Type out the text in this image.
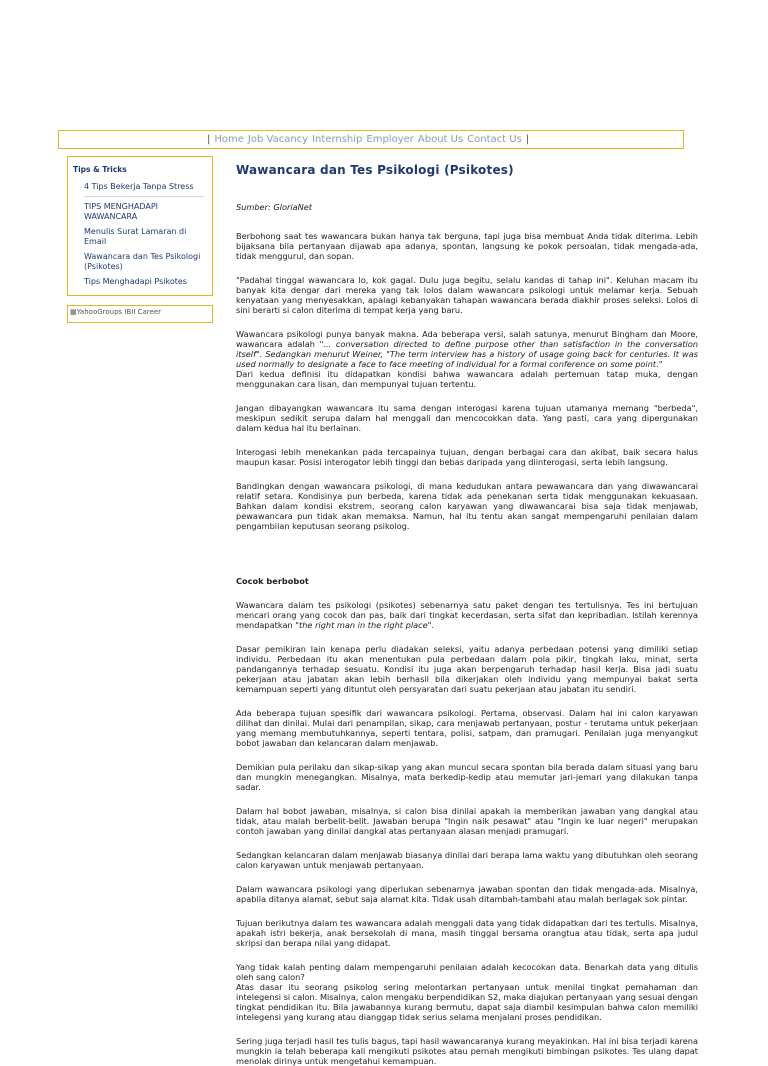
| Home Job Vacancy Internship Employer About Us Contact Us |
Tips & Tricks
4 Tips Bekerja Tanpa Stress
TIPS MENGHADAPI WAWANCARA
Menulis Surat Lamaran di Email
Wawancara dan Tes Psikologi (Psikotes)
Tips Menghadapi Psikotes
▦YahooGroups IBII Career
Wawancara dan Tes Psikologi (Psikotes)
Sumber: GloriaNet

Berbohong saat tes wawancara bukan hanya tak berguna, tapi juga bisa membuat Anda tidak diterima. Lebih bijaksana bila pertanyaan dijawab apa adanya, spontan, langsung ke pokok persoalan, tidak mengada-ada, tidak menggurui, dan sopan.

"Padahal tinggal wawancara lo, kok gagal. Dulu juga begitu, selalu kandas di tahap ini". Keluhan macam itu banyak kita dengar dari mereka yang tak lolos dalam wawancara psikologi untuk melamar kerja. Sebuah kenyataan yang menyesakkan, apalagi kebanyakan tahapan wawancara berada diakhir proses seleksi. Lolos di sini berarti si calon diterima di tempat kerja yang baru.

Wawancara psikologi punya banyak makna. Ada beberapa versi, salah satunya, menurut Bingham dan Moore, wawancara adalah "... conversation directed to define purpose other than satisfaction in the conversation itself". Sedangkan menurut Weiner, "The term interview has a history of usage going back for centuries. It was used normally to designate a face to face meeting of individual for a formal conference on some point."
Dari kedua definisi itu didapatkan kondisi bahwa wawancara adalah pertemuan tatap muka, dengan menggunakan cara lisan, dan mempunyai tujuan tertentu.

Jangan dibayangkan wawancara itu sama dengan interogasi karena tujuan utamanya memang "berbeda", meskipun sedikit serupa dalam hal menggali dan mencocokkan data. Yang pasti, cara yang dipergunakan dalam kedua hal itu berlainan.

Interogasi lebih menekankan pada tercapainya tujuan, dengan berbagai cara dan akibat, baik secara halus maupun kasar. Posisi interogator lebih tinggi dan bebas daripada yang diinterogasi, serta lebih langsung.

Bandingkan dengan wawancara psikologi, di mana kedudukan antara pewawancara dan yang diwawancarai relatif setara. Kondisinya pun berbeda, karena tidak ada penekanan serta tidak menggunakan kekuasaan. Bahkan dalam kondisi ekstrem, seorang calon karyawan yang diwawancarai bisa saja tidak menjawab, pewawancara pun tidak akan memaksa. Namun, hal itu tentu akan sangat mempengaruhi penilaian dalam pengambilan keputusan seorang psikolog.

Cocok berbobot

Wawancara dalam tes psikologi (psikotes) sebenarnya satu paket dengan tes tertulisnya. Tes ini bertujuan mencari orang yang cocok dan pas, baik dari tingkat kecerdasan, serta sifat dan kepribadian. Istilah kerennya mendapatkan "the right man in the right place".

Dasar pemikiran lain kenapa perlu diadakan seleksi, yaitu adanya perbedaan potensi yang dimiliki setiap individu. Perbedaan itu akan menentukan pula perbedaan dalam pola pikir, tingkah laku, minat, serta pandangannya terhadap sesuatu. Kondisi itu juga akan berpengaruh terhadap hasil kerja. Bisa jadi suatu pekerjaan atau jabatan akan lebih berhasil bila dikerjakan oleh individu yang mempunyai bakat serta kemampuan seperti yang dituntut oleh persyaratan dari suatu pekerjaan atau jabatan itu sendiri.

Ada beberapa tujuan spesifik dari wawancara psikologi. Pertama, observasi. Dalam hal ini calon karyawan dilihat dan dinilai. Mulai dari penampilan, sikap, cara menjawab pertanyaan, postur - terutama untuk pekerjaan yang memang membutuhkannya, seperti tentara, polisi, satpam, dan pramugari. Penilaian juga menyangkut bobot jawaban dan kelancaran dalam menjawab.

Demikian pula perilaku dan sikap-sikap yang akan muncul secara spontan bila berada dalam situasi yang baru dan mungkin menegangkan. Misalnya, mata berkedip-kedip atau memutar jari-jemari yang dilakukan tanpa sadar.

Dalam hal bobot jawaban, misalnya, si calon bisa dinilai apakah ia memberikan jawaban yang dangkal atau tidak, atau malah berbelit-belit. Jawaban berupa "Ingin naik pesawat" atau "Ingin ke luar negeri" merupakan contoh jawaban yang dinilai dangkal atas pertanyaan alasan menjadi pramugari.

Sedangkan kelancaran dalam menjawab biasanya dinilai dari berapa lama waktu yang dibutuhkan oleh seorang calon karyawan untuk menjawab pertanyaan.

Dalam wawancara psikologi yang diperlukan sebenarnya jawaban spontan dan tidak mengada-ada. Misalnya, apabila ditanya alamat, sebut saja alamat kita. Tidak usah ditambah-tambahi atau malah berlagak sok pintar.

Tujuan berikutnya dalam tes wawancara adalah menggali data yang tidak didapatkan dari tes tertulis. Misalnya, apakah istri bekerja, anak bersekolah di mana, masih tinggal bersama orangtua atau tidak, serta apa judul skripsi dan berapa nilai yang didapat.

Yang tidak kalah penting dalam mempengaruhi penilaian adalah kecocokan data. Benarkah data yang ditulis oleh sang calon?
Atas dasar itu seorang psikolog sering melontarkan pertanyaan untuk menilai tingkat pemahaman dan intelegensi si calon. Misalnya, calon mengaku berpendidikan S2, maka diajukan pertanyaan yang sesuai dengan tingkat pendidikan itu. Bila jawabannya kurang bermutu, dapat saja diambil kesimpulan bahwa calon memiliki intelegensi yang kurang atau dianggap tidak serius selama menjalani proses pendidikan.

Sering juga terjadi hasil tes tulis bagus, tapi hasil wawancaranya kurang meyakinkan. Hal ini bisa terjadi karena mungkin ia telah beberapa kali mengikuti psikotes atau pernah mengikuti bimbingan psikotes. Tes ulang dapat menolak dirinya untuk mengetahui kemampuan.
